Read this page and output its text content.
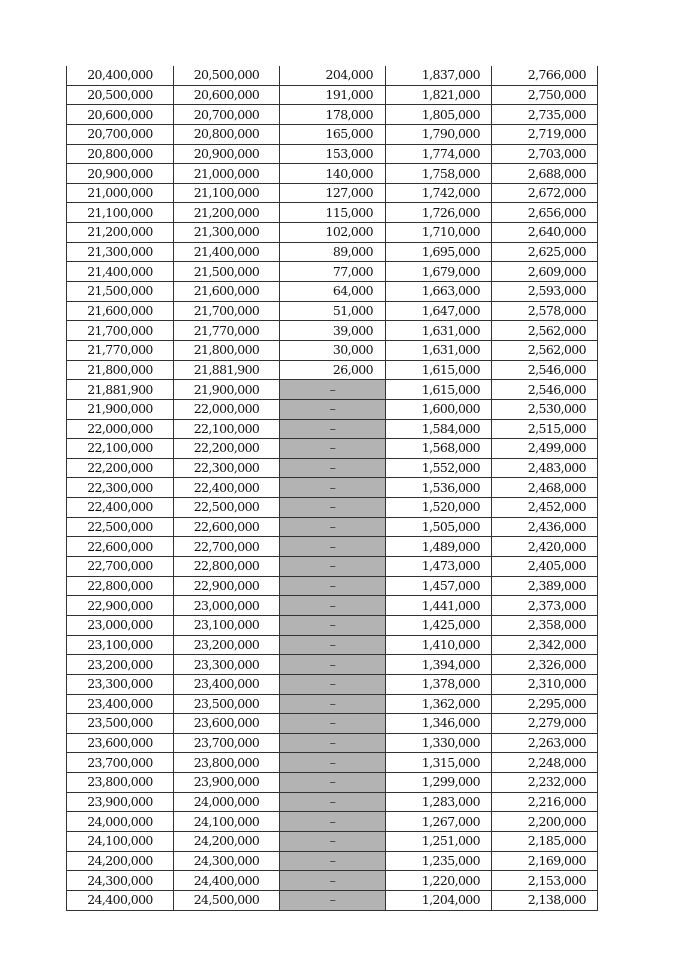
20,400,000	20,500,000	204,000	1,837,000	2,766,000
20,500,000	20,600,000	191,000	1,821,000	2,750,000
20,600,000	20,700,000	178,000	1,805,000	2,735,000
20,700,000	20,800,000	165,000	1,790,000	2,719,000
20,800,000	20,900,000	153,000	1,774,000	2,703,000
20,900,000	21,000,000	140,000	1,758,000	2,688,000
21,000,000	21,100,000	127,000	1,742,000	2,672,000
21,100,000	21,200,000	115,000	1,726,000	2,656,000
21,200,000	21,300,000	102,000	1,710,000	2,640,000
21,300,000	21,400,000	89,000	1,695,000	2,625,000
21,400,000	21,500,000	77,000	1,679,000	2,609,000
21,500,000	21,600,000	64,000	1,663,000	2,593,000
21,600,000	21,700,000	51,000	1,647,000	2,578,000
21,700,000	21,770,000	39,000	1,631,000	2,562,000
21,770,000	21,800,000	30,000	1,631,000	2,562,000
21,800,000	21,881,900	26,000	1,615,000	2,546,000
21,881,900	21,900,000	–	1,615,000	2,546,000
21,900,000	22,000,000	–	1,600,000	2,530,000
22,000,000	22,100,000	–	1,584,000	2,515,000
22,100,000	22,200,000	–	1,568,000	2,499,000
22,200,000	22,300,000	–	1,552,000	2,483,000
22,300,000	22,400,000	–	1,536,000	2,468,000
22,400,000	22,500,000	–	1,520,000	2,452,000
22,500,000	22,600,000	–	1,505,000	2,436,000
22,600,000	22,700,000	–	1,489,000	2,420,000
22,700,000	22,800,000	–	1,473,000	2,405,000
22,800,000	22,900,000	–	1,457,000	2,389,000
22,900,000	23,000,000	–	1,441,000	2,373,000
23,000,000	23,100,000	–	1,425,000	2,358,000
23,100,000	23,200,000	–	1,410,000	2,342,000
23,200,000	23,300,000	–	1,394,000	2,326,000
23,300,000	23,400,000	–	1,378,000	2,310,000
23,400,000	23,500,000	–	1,362,000	2,295,000
23,500,000	23,600,000	–	1,346,000	2,279,000
23,600,000	23,700,000	–	1,330,000	2,263,000
23,700,000	23,800,000	–	1,315,000	2,248,000
23,800,000	23,900,000	–	1,299,000	2,232,000
23,900,000	24,000,000	–	1,283,000	2,216,000
24,000,000	24,100,000	–	1,267,000	2,200,000
24,100,000	24,200,000	–	1,251,000	2,185,000
24,200,000	24,300,000	–	1,235,000	2,169,000
24,300,000	24,400,000	–	1,220,000	2,153,000
24,400,000	24,500,000	–	1,204,000	2,138,000
